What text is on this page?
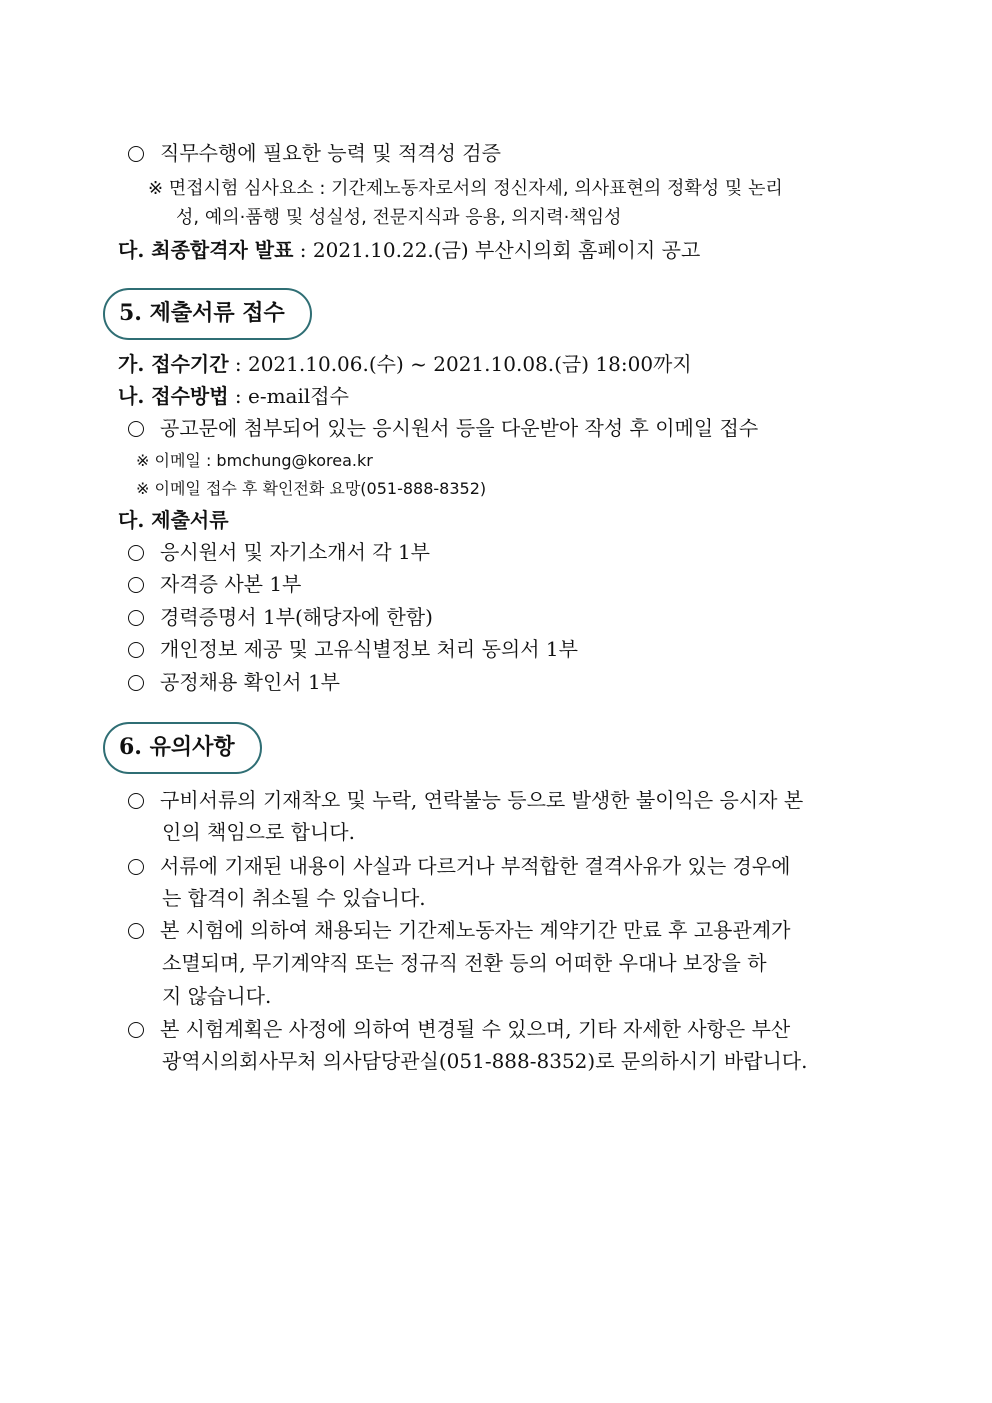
직무수행에 필요한 능력 및 적격성 검증
※ 면접시험 심사요소 : 기간제노동자로서의 정신자세, 의사표현의 정확성 및 논리
성, 예의·품행 및 성실성, 전문지식과 응용, 의지력·책임성
다. 최종합격자 발표 : 2021.10.22.(금) 부산시의회 홈페이지 공고
5. 제출서류 접수
가. 접수기간 : 2021.10.06.(수) ~ 2021.10.08.(금) 18:00까지
나. 접수방법 : e-mail접수
공고문에 첨부되어 있는 응시원서 등을 다운받아 작성 후 이메일 접수
※ 이메일 : bmchung@korea.kr
※ 이메일 접수 후 확인전화 요망(051-888-8352)
다. 제출서류
응시원서 및 자기소개서 각 1부
자격증 사본 1부
경력증명서 1부(해당자에 한함)
개인정보 제공 및 고유식별정보 처리 동의서 1부
공정채용 확인서 1부
6. 유의사항
구비서류의 기재착오 및 누락, 연락불능 등으로 발생한 불이익은 응시자 본
인의 책임으로 합니다.
서류에 기재된 내용이 사실과 다르거나 부적합한 결격사유가 있는 경우에
는 합격이 취소될 수 있습니다.
본 시험에 의하여 채용되는 기간제노동자는 계약기간 만료 후 고용관계가
소멸되며, 무기계약직 또는 정규직 전환 등의 어떠한 우대나 보장을 하
지 않습니다.
본 시험계획은 사정에 의하여 변경될 수 있으며, 기타 자세한 사항은 부산
광역시의회사무처 의사담당관실(051-888-8352)로 문의하시기 바랍니다.
